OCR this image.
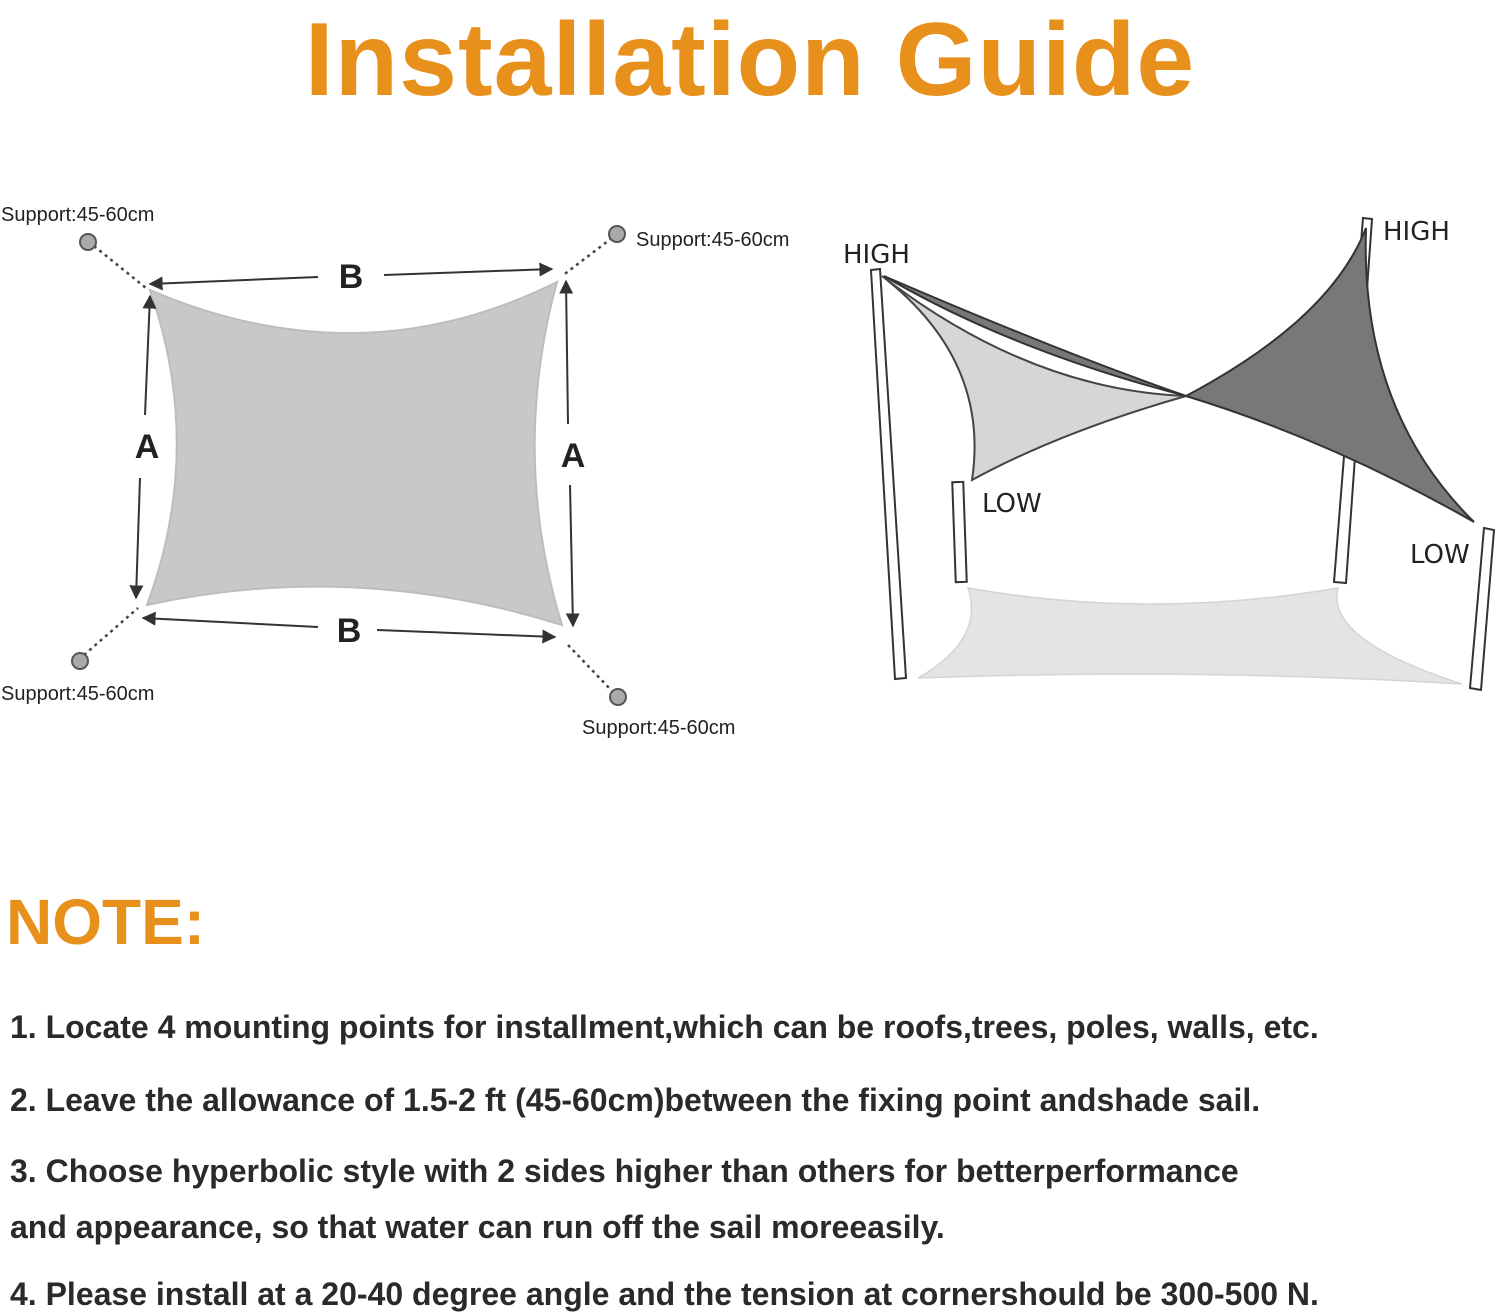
Installation Guide
B
B
A	A
Support:45-60cm
Support:45-60cm
Support:45-60cm
Support:45-60cm
HIGH
HIGH
LOW
LOW
NOTE:
1. Locate 4 mounting points for installment,which can be roofs,trees, poles, walls, etc.
2. Leave the allowance of 1.5-2 ft (45-60cm)between the fixing point andshade sail.
3. Choose hyperbolic style with 2 sides higher than others for betterperformance
and appearance, so that water can run off the sail moreeasily.
4. Please install at a 20-40 degree angle and the tension at cornershould be 300-500 N.
